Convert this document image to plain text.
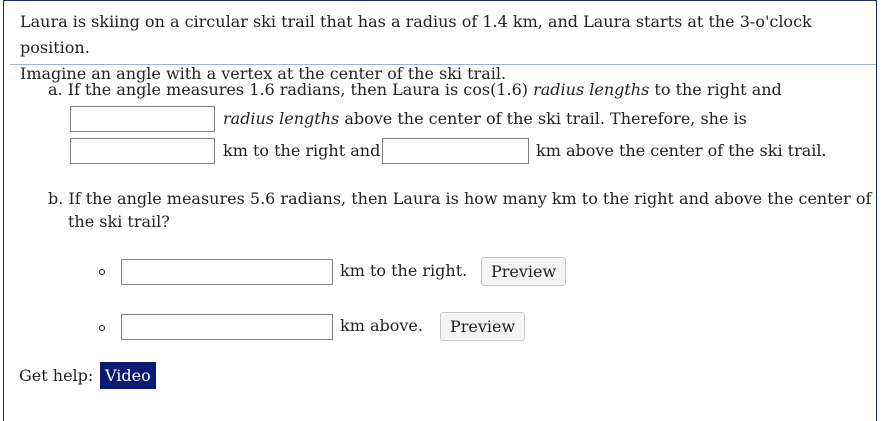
Laura is skiing on a circular ski trail that has a radius of 1.4 km, and Laura starts at the 3-o'clock position.
Imagine an angle with a vertex at the center of the ski trail.

a. If the angle measures 1.6 radians, then Laura is cos(1.6) radius lengths to the right and
radius lengths above the center of the ski trail. Therefore, she is
km to the right and	km above the center of the ski trail.
b. If the angle measures 5.6 radians, then Laura is how many km to the right and above the center of
the ski trail?
km to the right.	Preview
km above.	Preview
Get help: Video
